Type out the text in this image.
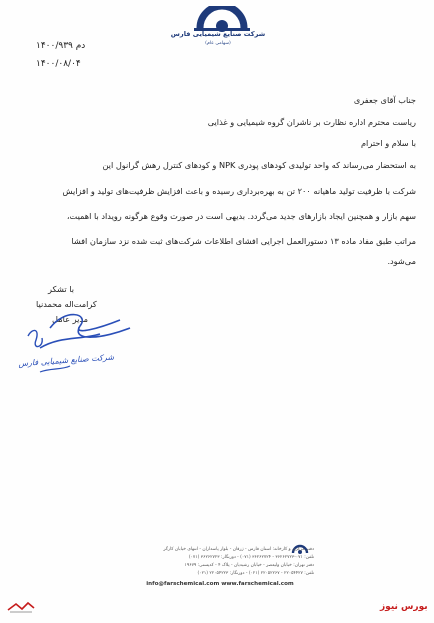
شرکت صنایع شیمیایی فارس
(سهامی عام)
دم ۱۴۰۰/۹۳۹
۱۴۰۰/۰۸/۰۴
جناب آقای جعفری
ریاست محترم اداره نظارت بر ناشران گروه شیمیایی و غذایی
با سلام و احترام
به استحضار می‌رساند که واحد تولیدی کودهای پودری NPK و کودهای کنترل رهش گرانول این
شرکت با ظرفیت تولید ماهیانه ۲۰۰ تن به بهره‌برداری رسیده و باعث افزایش ظرفیت‌های تولید و افزایش
سهم بازار و همچنین ایجاد بازارهای جدید می‌گردد. بدیهی است در صورت وقوع هرگونه رویداد با اهمیت،
مراتب طبق مفاد ماده ۱۳ دستورالعمل اجرایی افشای اطلاعات شرکت‌های ثبت شده نزد سازمان افشا
می‌شود.
با تشکر
کرامت‌اله محمدنیا
مدیر عامل
شرکت صنایع شیمیایی فارس
دفتر مرکزی و کارخانه: استان فارس - زرقان - بلوار پاسداران - انتهای خیابان کارگر
تلفن: ۰۷۱-۳۶۲۶۲۷۲۳ - ۳۶۲۶۲۷۲۴ (۰۷۱) - دورنگار: ۳۶۲۶۲۷۲۳ (۰۷۱)
دفتر تهران: خیابان ولیعصر - خیابان رشیدیان - پلاک ۴ - کدپستی: ۱۹۶۷۹
تلفن: ۲۲۰۵۴۴۲۷ - ۲۲۰۵۲۲۶۷ (۰۲۱) - دورنگار: ۲۲۰۵۴۲۲۳ (۰۲۱)
info@farschemical.com www.farschemical.com
بورس نیوز
